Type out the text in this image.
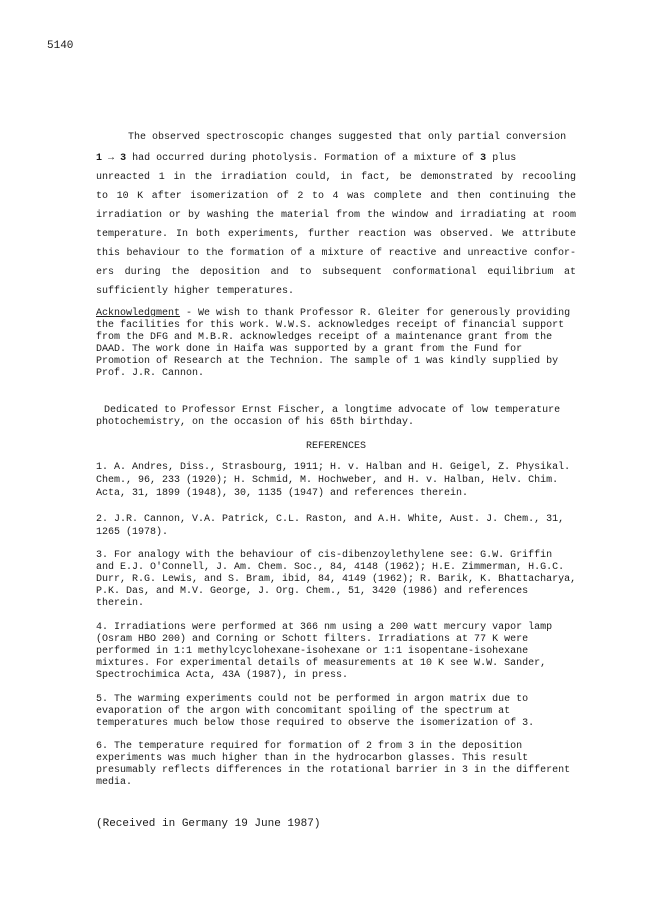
5140
The observed spectroscopic changes suggested that only partial conversion
1 → 3 had occurred during photolysis. Formation of a mixture of 3 plus
unreacted 1 in the irradiation could, in fact, be demonstrated by recooling
to 10 K after isomerization of 2 to 4 was complete and then continuing the
irradiation or by washing the material from the window and irradiating at room
temperature. In both experiments, further reaction was observed. We attribute
this behaviour to the formation of a mixture of reactive and unreactive confor-
ers during the deposition and to subsequent conformational equilibrium at
sufficiently higher temperatures.
Acknowledgment - We wish to thank Professor R. Gleiter for generously providing
the facilities for this work. W.W.S. acknowledges receipt of financial support
from the DFG and M.B.R. acknowledges receipt of a maintenance grant from the
DAAD. The work done in Haifa was supported by a grant from the Fund for
Promotion of Research at the Technion. The sample of 1 was kindly supplied by
Prof. J.R. Cannon.
Dedicated to Professor Ernst Fischer, a longtime advocate of low temperature
photochemistry, on the occasion of his 65th birthday.
REFERENCES
1. A. Andres, Diss., Strasbourg, 1911; H. v. Halban and H. Geigel, Z. Physikal.
Chem., 96, 233 (1920); H. Schmid, M. Hochweber, and H. v. Halban, Helv. Chim.
Acta, 31, 1899 (1948), 30, 1135 (1947) and references therein.
2. J.R. Cannon, V.A. Patrick, C.L. Raston, and A.H. White, Aust. J. Chem., 31,
1265 (1978).
3. For analogy with the behaviour of cis-dibenzoylethylene see: G.W. Griffin
and E.J. O'Connell, J. Am. Chem. Soc., 84, 4148 (1962); H.E. Zimmerman, H.G.C.
Durr, R.G. Lewis, and S. Bram, ibid, 84, 4149 (1962); R. Barik, K. Bhattacharya,
P.K. Das, and M.V. George, J. Org. Chem., 51, 3420 (1986) and references
therein.
4. Irradiations were performed at 366 nm using a 200 watt mercury vapor lamp
(Osram HBO 200) and Corning or Schott filters. Irradiations at 77 K were
performed in 1:1 methylcyclohexane-isohexane or 1:1 isopentane-isohexane
mixtures. For experimental details of measurements at 10 K see W.W. Sander,
Spectrochimica Acta, 43A (1987), in press.
5. The warming experiments could not be performed in argon matrix due to
evaporation of the argon with concomitant spoiling of the spectrum at
temperatures much below those required to observe the isomerization of 3.
6. The temperature required for formation of 2 from 3 in the deposition
experiments was much higher than in the hydrocarbon glasses. This result
presumably reflects differences in the rotational barrier in 3 in the different
media.
(Received in Germany 19 June 1987)
